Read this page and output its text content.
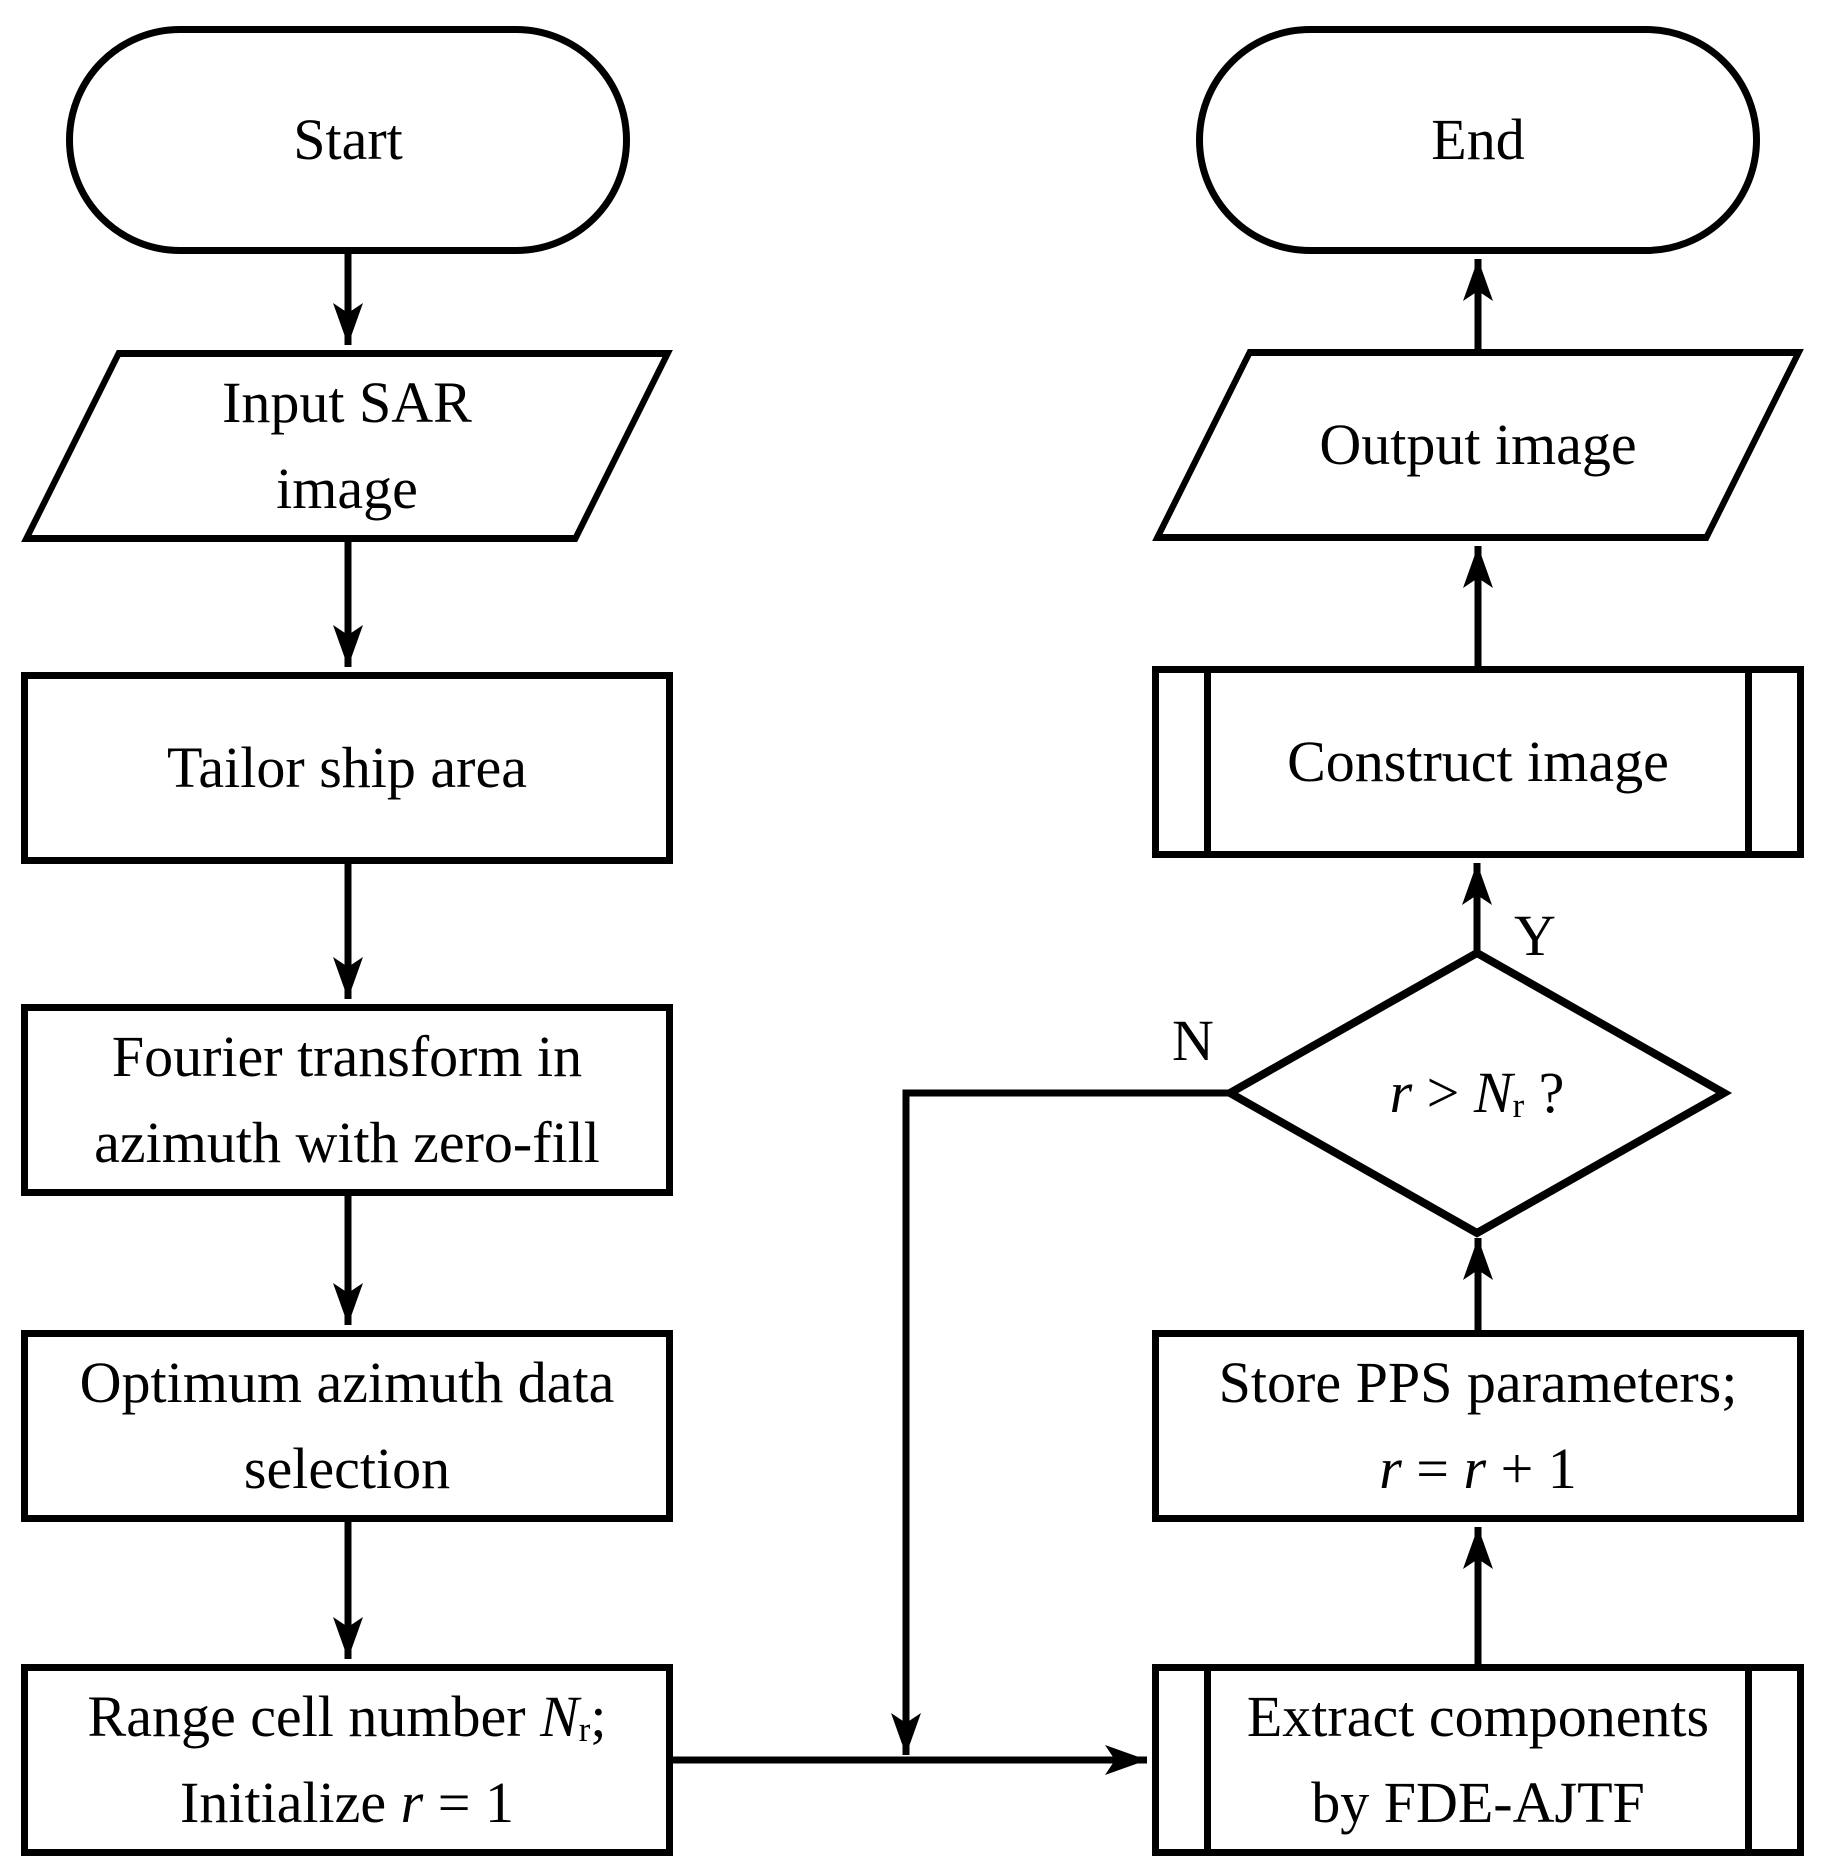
Start
Input SAR
image
Tailor ship area
Fourier transform in
azimuth with zero-fill
Optimum azimuth data
selection
Range cell number $N_r$;
Initialize r = 1
Extract components
by FDE-AJTF
Store PPS parameters;
r = r + 1
$r > N_r$ ?
Y
N
Construct image
Output image
End
